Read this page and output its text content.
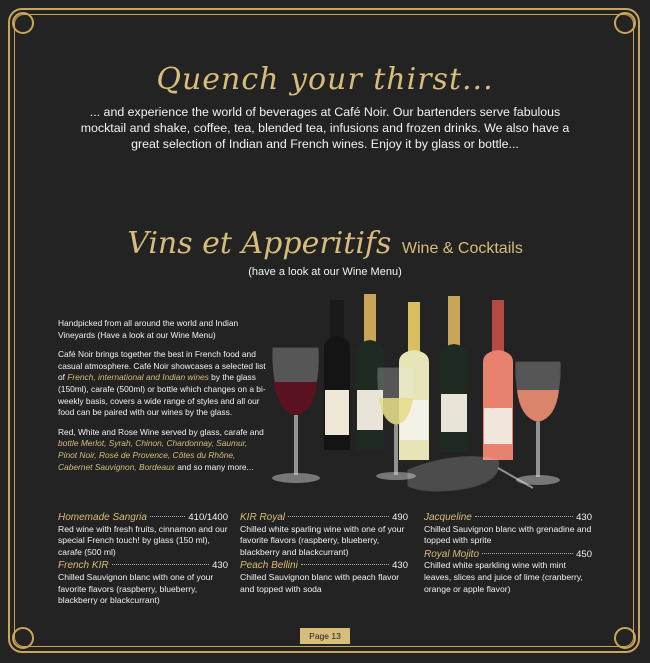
Quench your thirst...
... and experience the world of beverages at Café Noir. Our bartenders serve fabulous mocktail and shake, coffee, tea, blended tea, infusions and frozen drinks. We also have a great selection of Indian and French wines. Enjoy it by glass or bottle...
Vins et Apperitifs Wine & Cocktails
(have a look at our Wine Menu)

Handpicked from all around the world and Indian Vineyards (Have a look at our Wine Menu)

Café Noir brings together the best in French food and casual atmosphere. Café Noir showcases a selected list of French, international and Indian wines by the glass (150ml), carafe (500ml) or bottle which changes on a bi-weekly basis, covers a wide range of styles and all our food can be paired with our wines by the glass.

Red, White and Rose Wine served by glass, carafe and bottle Merlot, Syrah, Chinon, Chardonnay, Saumur, Pinot Noir, Rosé de Provence, Côtes du Rhône, Cabernet Sauvignon, Bordeaux and so many more...

Homemade Sangria	410/1400
Red wine with fresh fruits, cinnamon and our special French touch! by glass (150 ml), carafe (500 ml)
French KIR	430
Chilled Sauvignon blanc with one of your favorite flavors (raspberry, blueberry, blackberry or blackcurrant)
KIR Royal	490
Chilled white sparling wine with one of your favorite flavors (raspberry, blueberry, blackberry and blackcurrant)
Peach Bellini	430
Chilled Sauvignon blanc with peach flavor and topped with soda
Jacqueline	430
Chilled Sauvignon blanc with grenadine and topped with sprite
Royal Mojito	450
Chilled white sparkling wine with mint leaves, slices and juice of lime (cranberry, orange or apple flavor)
Page 13
